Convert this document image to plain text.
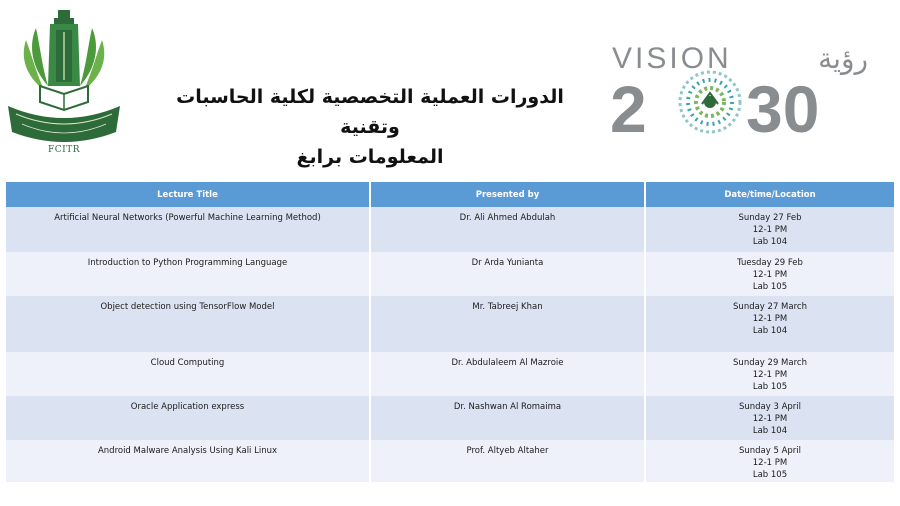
FCITR
الدورات العملية التخصصية لكلية الحاسبات وتقنية
المعلومات برابغ
VISION	رؤية
2 30
Lecture Title	Presented by	Date/time/Location
Artificial Neural Networks (Powerful Machine Learning Method)	Dr. Ali Ahmed Abdulah	Sunday 27 Feb
12-1 PM
Lab 104

Introduction to Python Programming Language	Dr Arda Yunianta	Tuesday 29 Feb
12-1 PM
Lab 105

Object detection using TensorFlow Model	Mr. Tabreej Khan	Sunday 27 March
12-1 PM
Lab 104

Cloud Computing	Dr. Abdulaleem Al Mazroie	Sunday 29 March
12-1 PM
Lab 105

Oracle Application express	Dr. Nashwan Al Romaima	Sunday 3 April
12-1 PM
Lab 104

Android Malware Analysis Using Kali Linux	Prof. Altyeb Altaher	Sunday 5 April
12-1 PM
Lab 105
